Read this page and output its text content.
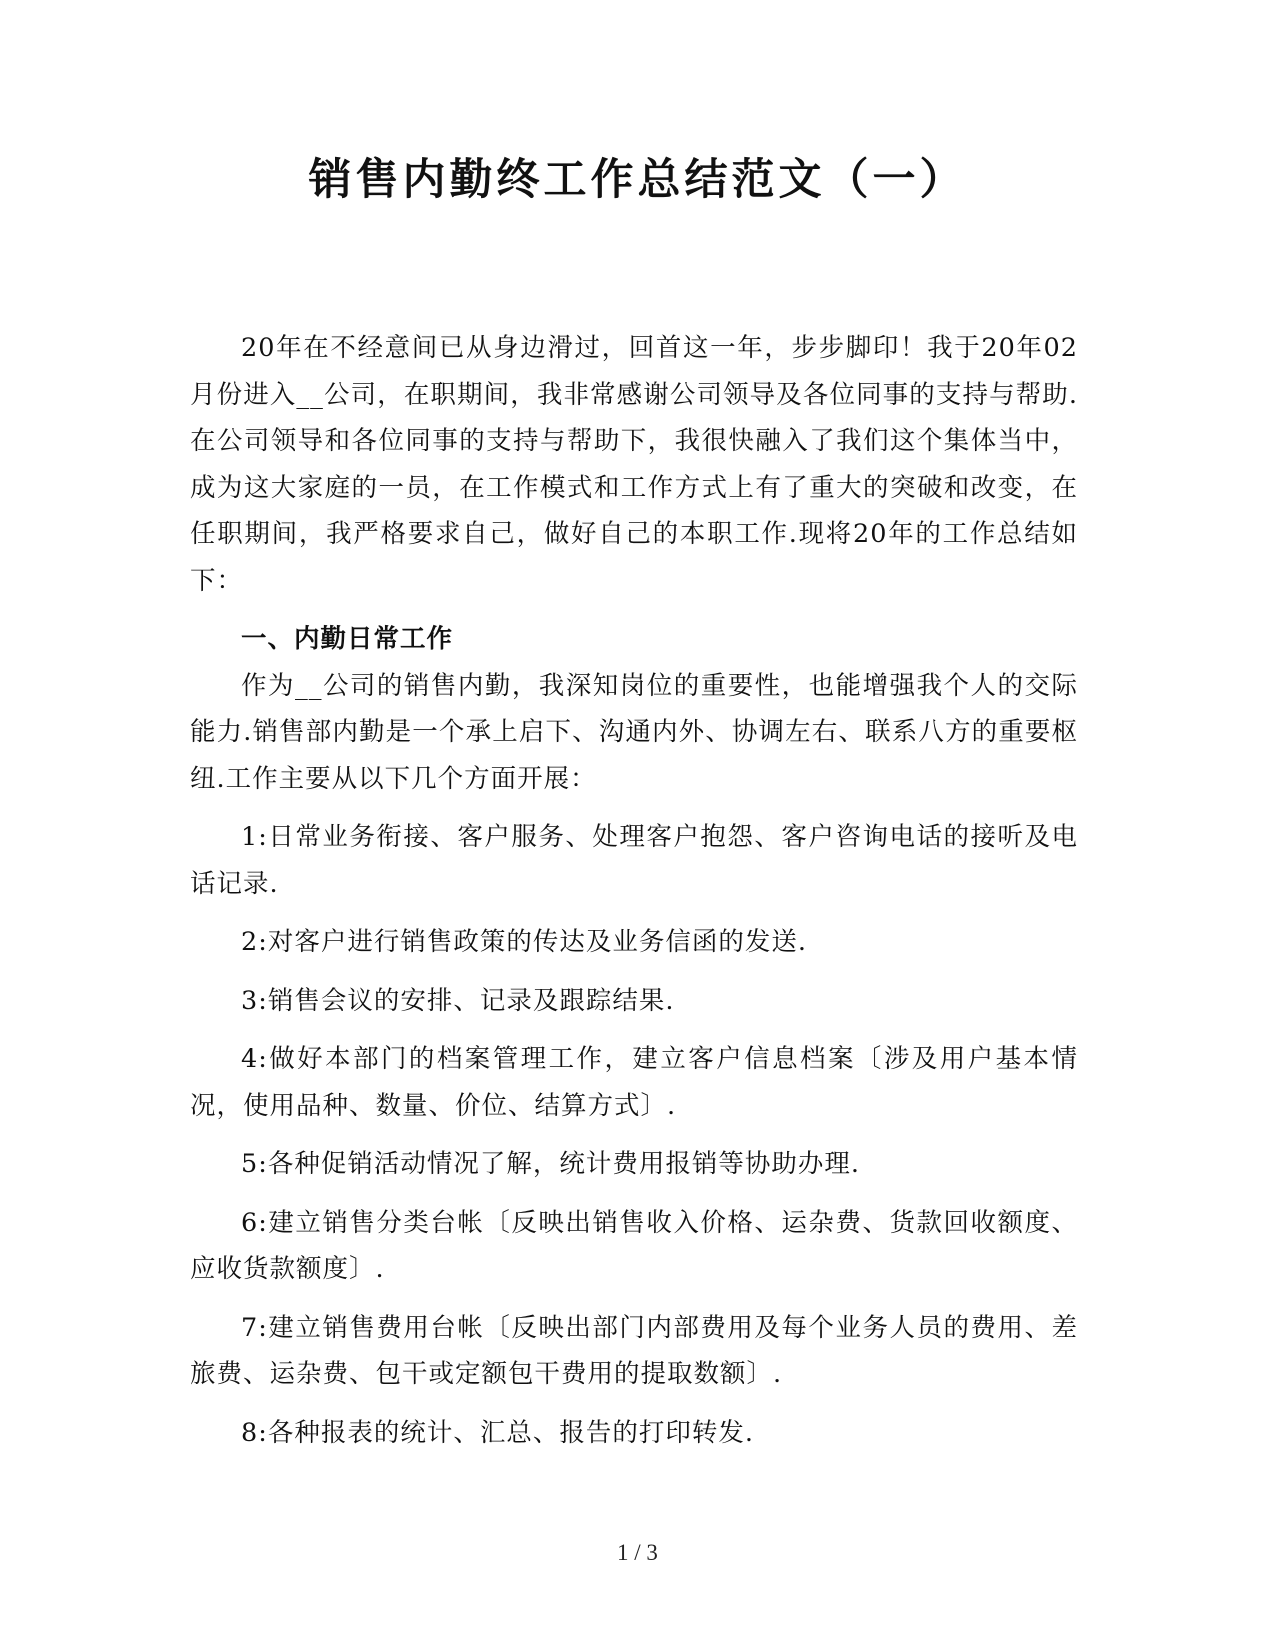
销售内勤终工作总结范文（一）

20年在不经意间已从身边滑过，回首这一年，步步脚印！我于20年02月份进入__公司，在职期间，我非常感谢公司领导及各位同事的支持与帮助.在公司领导和各位同事的支持与帮助下，我很快融入了我们这个集体当中，成为这大家庭的一员，在工作模式和工作方式上有了重大的突破和改变，在任职期间，我严格要求自己，做好自己的本职工作.现将20年的工作总结如下：

一、内勤日常工作

作为__公司的销售内勤，我深知岗位的重要性，也能增强我个人的交际能力.销售部内勤是一个承上启下、沟通内外、协调左右、联系八方的重要枢纽.工作主要从以下几个方面开展：

1:日常业务衔接、客户服务、处理客户抱怨、客户咨询电话的接听及电话记录.

2:对客户进行销售政策的传达及业务信函的发送.

3:销售会议的安排、记录及跟踪结果.

4:做好本部门的档案管理工作，建立客户信息档案〔涉及用户基本情况，使用品种、数量、价位、结算方式〕.

5:各种促销活动情况了解，统计费用报销等协助办理.

6:建立销售分类台帐〔反映出销售收入价格、运杂费、货款回收额度、应收货款额度〕.

7:建立销售费用台帐〔反映出部门内部费用及每个业务人员的费用、差旅费、运杂费、包干或定额包干费用的提取数额〕.

8:各种报表的统计、汇总、报告的打印转发.

1 / 3
